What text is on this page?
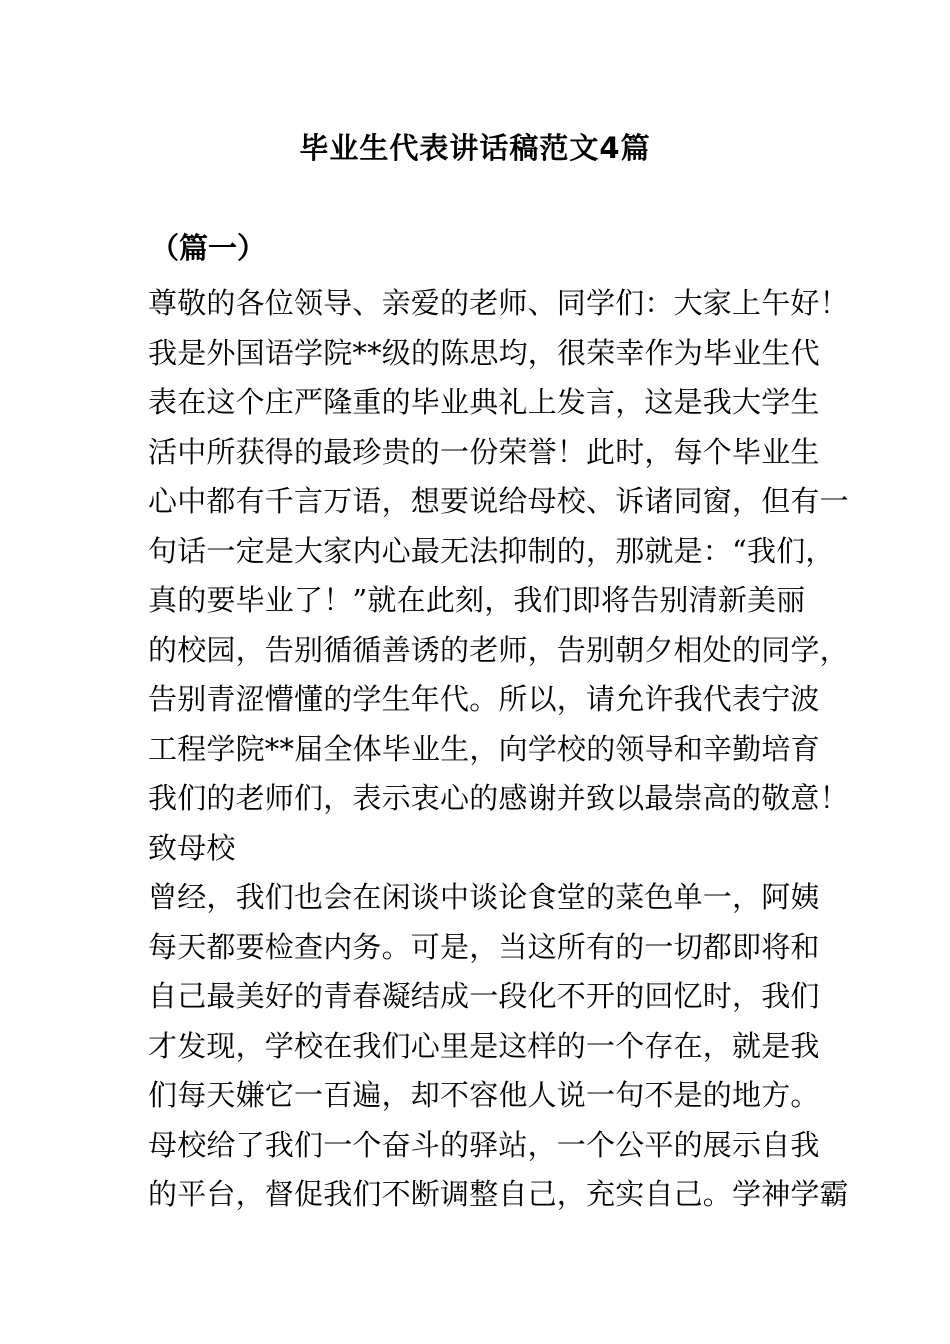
毕业生代表讲话稿范文4篇
（篇一）
尊敬的各位领导、亲爱的老师、同学们：大家上午好！
我是外国语学院**级的陈思均，很荣幸作为毕业生代
表在这个庄严隆重的毕业典礼上发言，这是我大学生
活中所获得的最珍贵的一份荣誉！此时，每个毕业生
心中都有千言万语，想要说给母校、诉诸同窗，但有一
句话一定是大家内心最无法抑制的，那就是：“我们，
真的要毕业了！”就在此刻，我们即将告别清新美丽
的校园，告别循循善诱的老师，告别朝夕相处的同学，
告别青涩懵懂的学生年代。所以，请允许我代表宁波
工程学院**届全体毕业生，向学校的领导和辛勤培育
我们的老师们，表示衷心的感谢并致以最崇高的敬意！
致母校
曾经，我们也会在闲谈中谈论食堂的菜色单一，阿姨
每天都要检查内务。可是，当这所有的一切都即将和
自己最美好的青春凝结成一段化不开的回忆时，我们
才发现，学校在我们心里是这样的一个存在，就是我
们每天嫌它一百遍，却不容他人说一句不是的地方。
母校给了我们一个奋斗的驿站，一个公平的展示自我
的平台，督促我们不断调整自己，充实自己。学神学霸
